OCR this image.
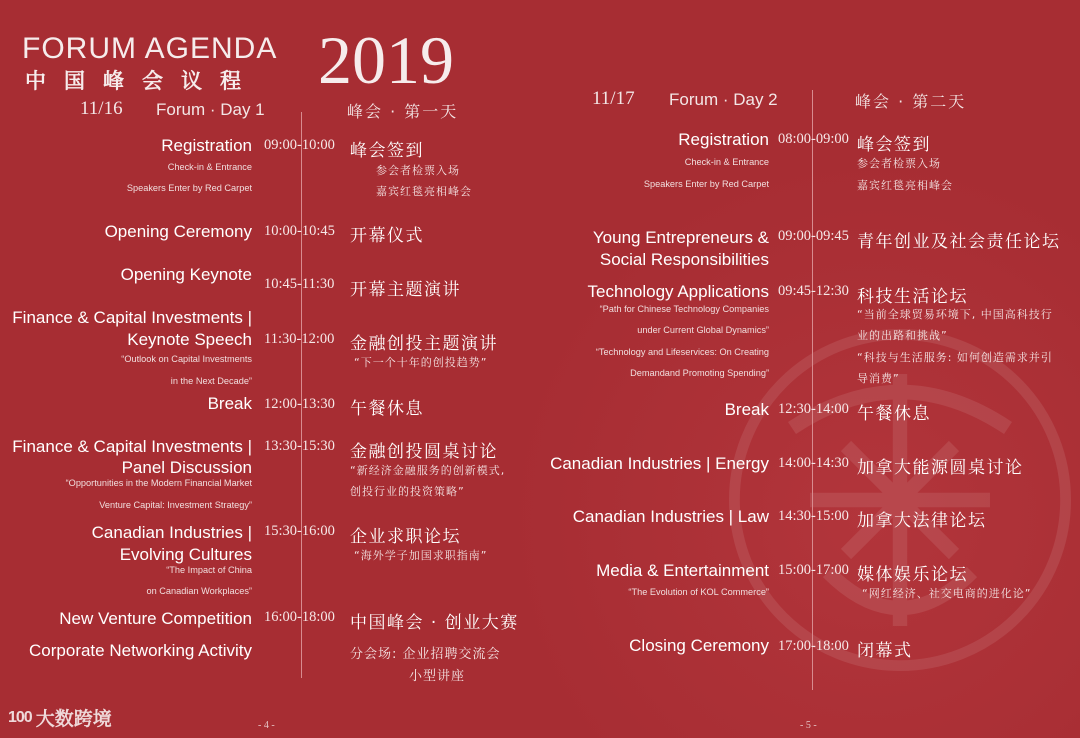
FORUM AGENDA
中国峰会议程 2019
11/16 Forum · Day 1	峰会 · 第一天
11/17 Forum · Day 2	峰会 · 第二天
Registration 09:00-10:00 峰会签到
Check-in & Entrance
Speakers Enter by Red Carpet
参会者检票入场
嘉宾红毯亮相峰会
Opening Ceremony 10:00-10:45 开幕仪式
Opening Keynote 10:45-11:30 开幕主题演讲
Finance & Capital Investments |
Keynote Speech 11:30-12:00 金融创投主题演讲
“Outlook on Capital Investments
in the Next Decade”
“下一个十年的创投趋势”
Break 12:00-13:30 午餐休息
Finance & Capital Investments |
Panel Discussion
13:30-15:30 金融创投圆桌讨论
“Opportunities in the Modern Financial Market
Venture Capital: Investment Strategy”
“新经济金融服务的创新模式,
创投行业的投资策略”
Canadian Industries |
Evolving Cultures
15:30-16:00 企业求职论坛
“The Impact of China
on Canadian Workplaces”
“海外学子加国求职指南”
New Venture Competition 16:00-18:00 中国峰会 · 创业大赛
Corporate Networking Activity	分会场: 企业招聘交流会
小型讲座
Registration 08:00-09:00 峰会签到
Check-in & Entrance
Speakers Enter by Red Carpet
参会者检票入场
嘉宾红毯亮相峰会
Young Entrepreneurs &
Social Responsibilities
09:00-09:45 青年创业及社会责任论坛
Technology Applications 09:45-12:30 科技生活论坛
“Path for Chinese Technology Companies
under Current Global Dynamics”
“Technology and Lifeservices: On Creating
Demandand Promoting Spending”
“当前全球贸易环境下, 中国高科技行
业的出路和挑战”
“科技与生活服务: 如何创造需求并引
导消费”
Break 12:30-14:00 午餐休息
Canadian Industries | Energy 14:00-14:30 加拿大能源圆桌讨论
Canadian Industries | Law 14:30-15:00 加拿大法律论坛
Media & Entertainment 15:00-17:00 媒体娱乐论坛
“The Evolution of KOL Commerce”	“网红经济、社交电商的进化论”
Closing Ceremony 17:00-18:00 闭幕式
- 4 -	- 5 -
100 大数跨境
